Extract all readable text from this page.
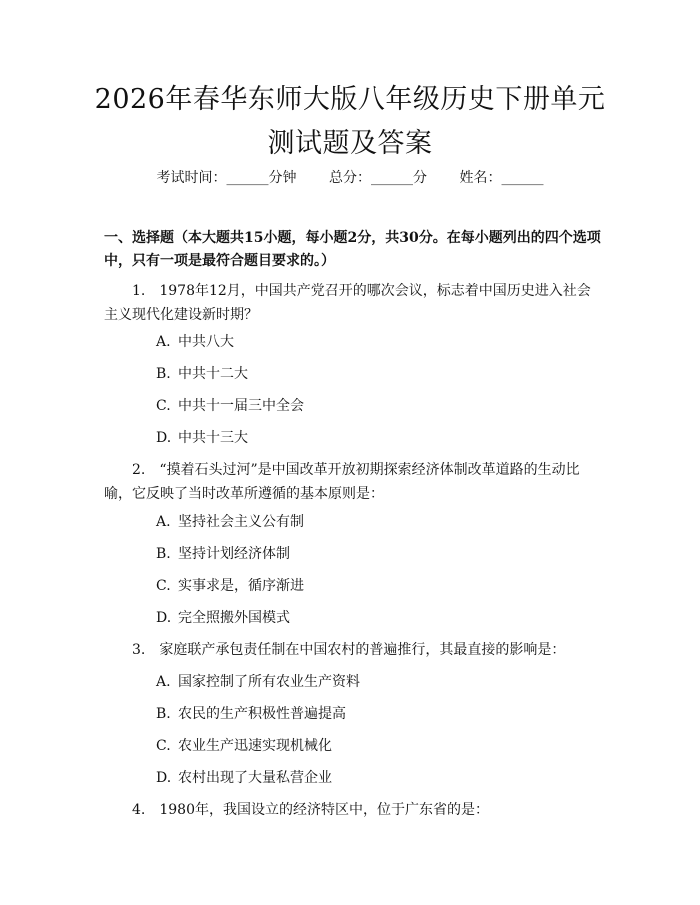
2026年春华东师大版八年级历史下册单元测试题及答案
考试时间：______分钟 总分：______分 姓名：______
一、选择题（本大题共15小题，每小题2分，共30分。在每小题列出的四个选项中，只有一项是最符合题目要求的。）
1.　1978年12月，中国共产党召开的哪次会议，标志着中国历史进入社会主义现代化建设新时期？
A. 中共八大
B. 中共十二大
C. 中共十一届三中全会
D. 中共十三大
2.　“摸着石头过河”是中国改革开放初期探索经济体制改革道路的生动比喻，它反映了当时改革所遵循的基本原则是：
A. 坚持社会主义公有制
B. 坚持计划经济体制
C. 实事求是，循序渐进
D. 完全照搬外国模式
3.　家庭联产承包责任制在中国农村的普遍推行，其最直接的影响是：
A. 国家控制了所有农业生产资料
B. 农民的生产积极性普遍提高
C. 农业生产迅速实现机械化
D. 农村出现了大量私营企业
4.　1980年，我国设立的经济特区中，位于广东省的是：
